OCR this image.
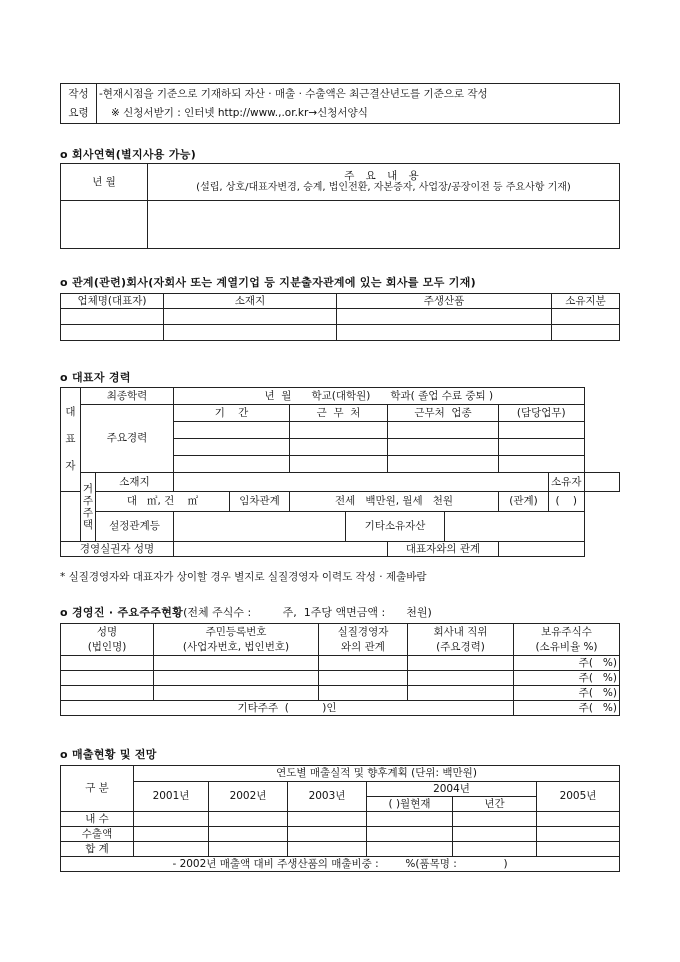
작성	-현재시점을 기준으로 기재하되 자산 · 매출 · 수출액은 최근결산년도를 기준으로 작성
요령	※ 신청서받기 : 인터넷 http://www.,.or.kr→신청서양식
o 회사연혁(별지사용 가능)
년 월	주 요 내 용
(설립, 상호/대표자변경, 승계, 법인전환, 자본증자, 사업장/공장이전 등 주요사항 기재)

o 관계(관련)회사(자회사 또는 계열기업 등 지분출자관계에 있는 회사를 모두 기재)
업체명(대표자)	소재지	주생산품	소유지분

o 대표자 경력
대
표
자	최종학력		년  월      학교(대학원)      학과( 졸업 수료 중퇴 )								
	주요경력		기    간		근  무  처		근무처  업종		(담당업무)		

	거
주
주
택	소재지								소유자	
		대   ㎡, 건    ㎡		임차관계	전세   백만원, 월세   천원				(관계)	(    )	
		설정관계등				기타소유자산					
경영실권자 성명							대표자와의 관계				
* 실질경영자와 대표자가 상이할 경우 별지로 실질경영자 이력도 작성 · 제출바람
o 경영진 · 주요주주현황(전체 주식수 :         주,  1주당 액면금액 :      천원)
성명	주민등록번호	실질경영자	회사내 직위	보유주식수
(법인명)	(사업자번호, 법인번호)	와의 관계	(주요경력)	(소유비율 %)
				주(   %)
				주(   %)
				주(   %)
기타주주  (          )인				주(   %)
o 매출현황 및 전망
구 분	연도별 매출실적 및 향후계획 (단위: 백만원)					
	2001년	2002년	2003년	2004년		2005년
				( )월현재	년간	
내 수						
수출액						
합 계						
- 2002년 매출액 대비 주생산품의 매출비중 :        %(품목명 :              )						
